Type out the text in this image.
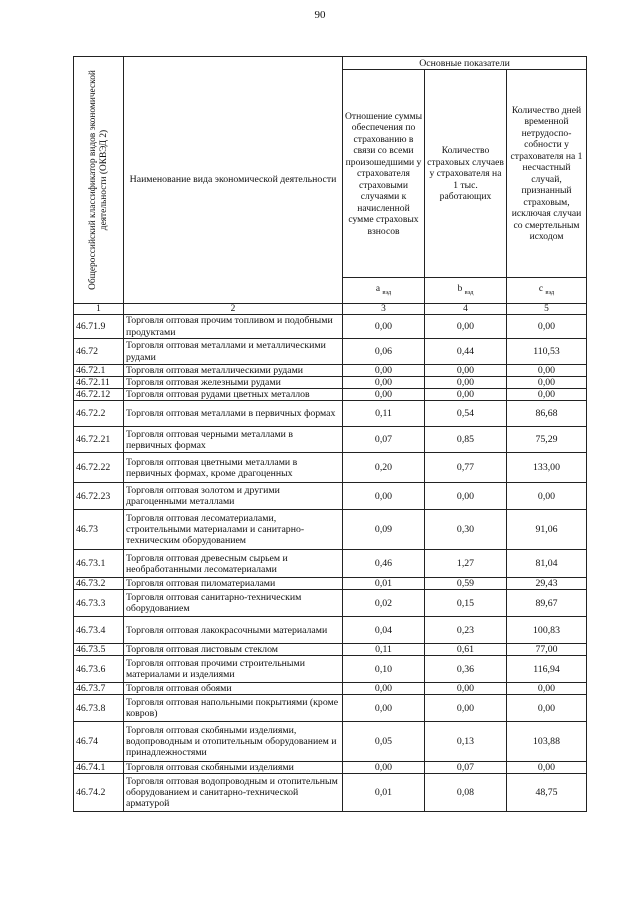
90
Общероссийский классификатор видов экономической деятельности (ОКВЭД 2)	Наименование вида экономической деятельности	Основные показатели		
		Отношение суммы обеспечения по страхованию в связи со всеми произошедшими у страхователя страховыми случаями к начисленной сумме страховых взносов	Количество страховых случаев у страхователя на 1 тыс. работающих	Количество дней временной нетрудоспо-собности у страхователя на 1 несчастный случай, признанный страховым, исключая случаи со смертельным исходом
		a $_{вэд}$	b $_{вэд}$	c $_{вэд}$
1	2	3	4	5
46.71.9	Торговля оптовая прочим топливом и подобными продуктами	0,00	0,00	0,00
46.72	Торговля оптовая металлами и металлическими рудами	0,06	0,44	110,53
46.72.1	Торговля оптовая металлическими рудами	0,00	0,00	0,00
46.72.11	Торговля оптовая железными рудами	0,00	0,00	0,00
46.72.12	Торговля оптовая рудами цветных металлов	0,00	0,00	0,00
46.72.2	Торговля оптовая металлами в первичных формах	0,11	0,54	86,68
46.72.21	Торговля оптовая черными металлами в первичных формах	0,07	0,85	75,29
46.72.22	Торговля оптовая цветными металлами в первичных формах, кроме драгоценных	0,20	0,77	133,00
46.72.23	Торговля оптовая золотом и другими драгоценными металлами	0,00	0,00	0,00
46.73	Торговля оптовая лесоматериалами, строительными материалами и санитарно-техническим оборудованием	0,09	0,30	91,06
46.73.1	Торговля оптовая древесным сырьем и необработанными лесоматериалами	0,46	1,27	81,04
46.73.2	Торговля оптовая пиломатериалами	0,01	0,59	29,43
46.73.3	Торговля оптовая санитарно-техническим оборудованием	0,02	0,15	89,67
46.73.4	Торговля оптовая лакокрасочными материалами	0,04	0,23	100,83
46.73.5	Торговля оптовая листовым стеклом	0,11	0,61	77,00
46.73.6	Торговля оптовая прочими строительными материалами и изделиями	0,10	0,36	116,94
46.73.7	Торговля оптовая обоями	0,00	0,00	0,00
46.73.8	Торговля оптовая напольными покрытиями (кроме ковров)	0,00	0,00	0,00
46.74	Торговля оптовая скобяными изделиями, водопроводным и отопительным оборудованием и принадлежностями	0,05	0,13	103,88
46.74.1	Торговля оптовая скобяными изделиями	0,00	0,07	0,00
46.74.2	Торговля оптовая водопроводным и отопительным оборудованием и санитарно-технической арматурой	0,01	0,08	48,75
